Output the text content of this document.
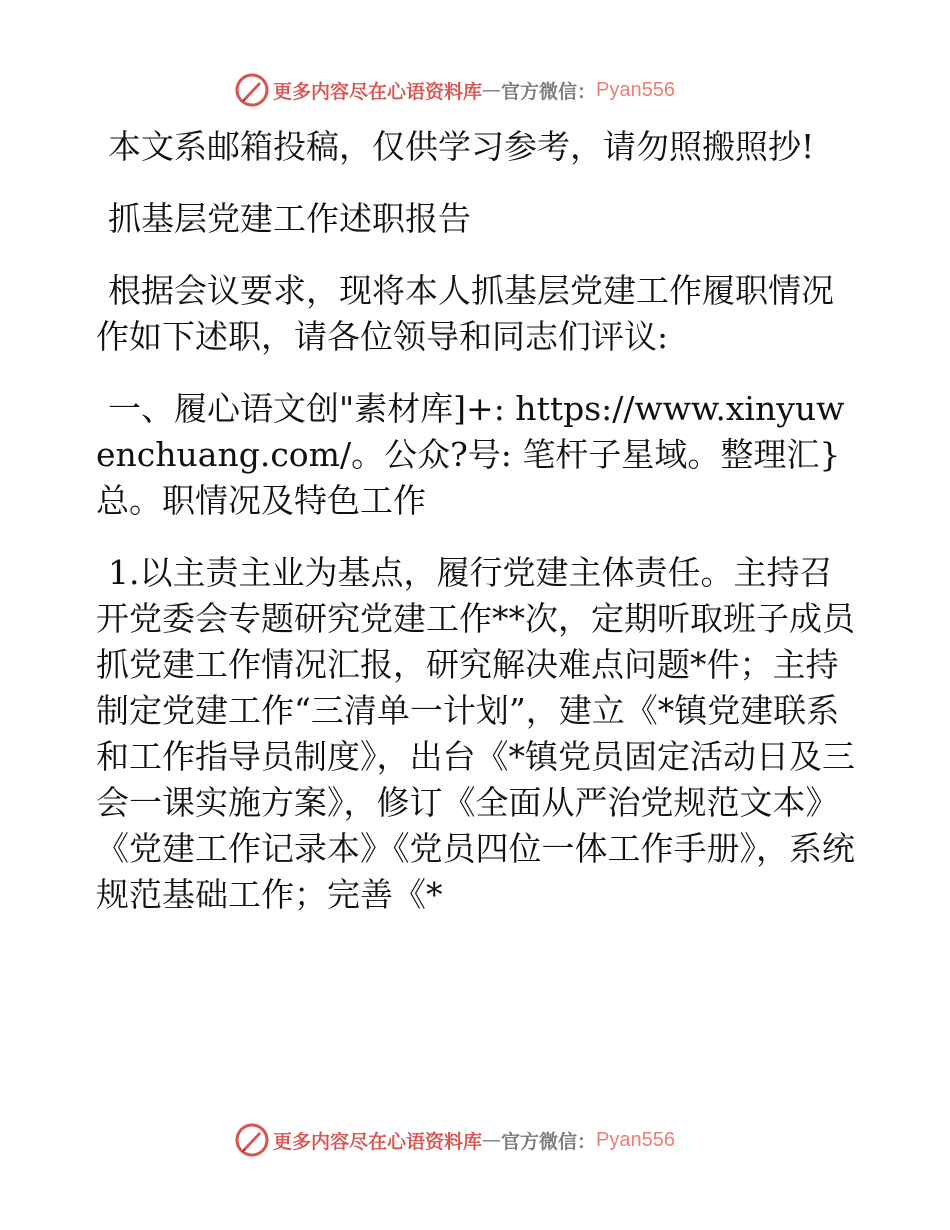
更多内容尽在心语资料库 — 官方微信： Pyan556

本文系邮箱投稿，仅供学习参考，请勿照搬照抄!

抓基层党建工作述职报告

根据会议要求，现将本人抓基层党建工作履职情况作如下述职，请各位领导和同志们评议:

一、履心语文创"素材库]+: https://www.xinyuwenchuang.com/。公众?号: 笔杆子星域。整理汇}总。职情况及特色工作

1.以主责主业为基点，履行党建主体责任。主持召开党委会专题研究党建工作**次，定期听取班子成员抓党建工作情况汇报，研究解决难点问题*件；主持制定党建工作“三清单一计划”，建立《*镇党建联系和工作指导员制度》，出台《*镇党员固定活动日及三会一课实施方案》，修订《全面从严治党规范文本》《党建工作记录本》《党员四位一体工作手册》，系统规范基础工作；完善《*

更多内容尽在心语资料库 — 官方微信： Pyan556
